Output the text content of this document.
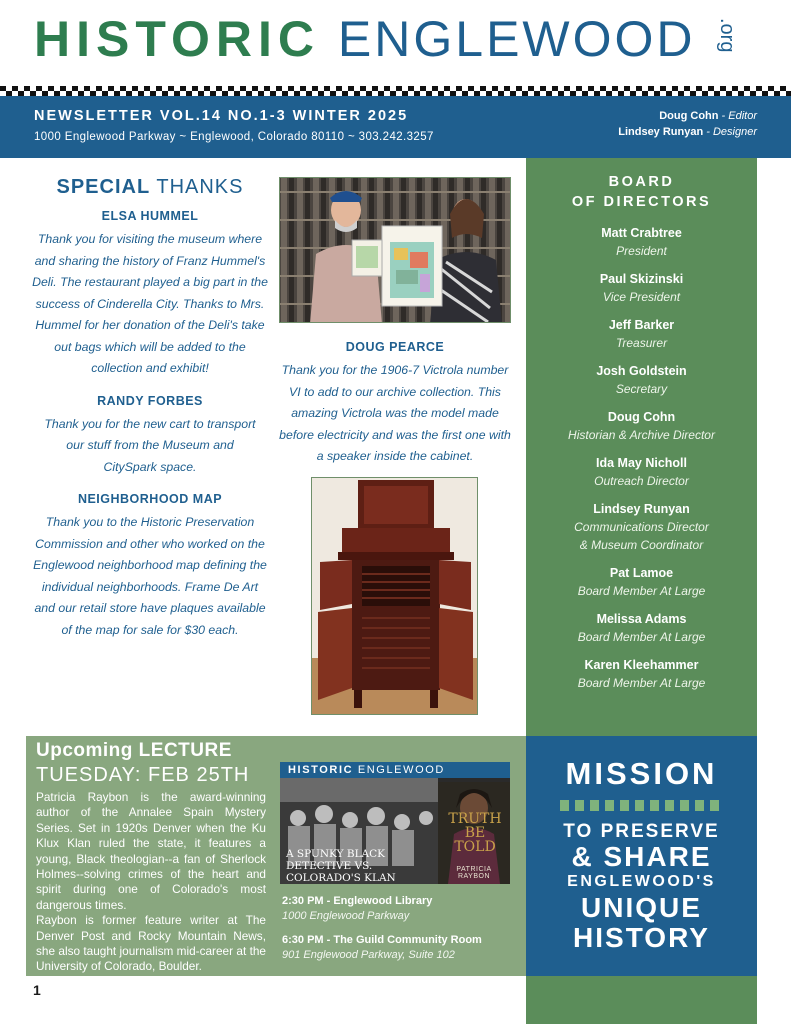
HISTORIC ENGLEWOOD .org
NEWSLETTER VOL.14 NO.1-3 WINTER 2025
1000 Englewood Parkway ~ Englewood, Colorado 80110 ~ 303.242.3257
Doug Cohn - Editor
Lindsey Runyan - Designer
SPECIAL THANKS
ELSA HUMMEL
Thank you for visiting the museum where and sharing the history of Franz Hummel's Deli. The restaurant played a big part in the success of Cinderella City. Thanks to Mrs. Hummel for her donation of the Deli's take out bags which will be added to the collection and exhibit!
RANDY FORBES
Thank you for the new cart to transport our stuff from the Museum and CitySpark space.
NEIGHBORHOOD MAP
Thank you to the Historic Preservation Commission and other who worked on the Englewood neighborhood map defining the individual neighborhoods. Frame De Art and our retail store have plaques available of the map for sale for $30 each.
DOUG PEARCE
Thank you for the 1906-7 Victrola number VI to add to our archive collection. This amazing Victrola was the model made before electricity and was the first one with a speaker inside the cabinet.
BOARD
OF DIRECTORS
Matt Crabtree
President
Paul Skizinski
Vice President
Jeff Barker
Treasurer
Josh Goldstein
Secretary
Doug Cohn
Historian & Archive Director
Ida May Nicholl
Outreach Director
Lindsey Runyan
Communications Director
& Museum Coordinator
Pat Lamoe
Board Member At Large
Melissa Adams
Board Member At Large
Karen Kleehammer
Board Member At Large
Upcoming LECTURE
TUESDAY: FEB 25TH

Patricia Raybon is the award-winning author of the Annalee Spain Mystery Series. Set in 1920s Denver when the Ku Klux Klan ruled the state, it features a young, Black theologian--a fan of Sherlock Holmes--solving crimes of the heart and spirit during one of Colorado's most dangerous times.

Raybon is former feature writer at The Denver Post and Rocky Mountain News, she also taught journalism mid-career at the University of Colorado, Boulder.

HISTORIC ENGLEWOOD
A SPUNKY BLACK DETECTIVE VS. COLORADO'S KLAN
TRUTH BE TOLD
PATRICIA RAYBON
2:30 PM - Englewood Library
1000 Englewood Parkway
6:30 PM - The Guild Community Room
901 Englewood Parkway, Suite 102
MISSION
TO PRESERVE
& SHARE
ENGLEWOOD'S
UNIQUE
HISTORY
1
